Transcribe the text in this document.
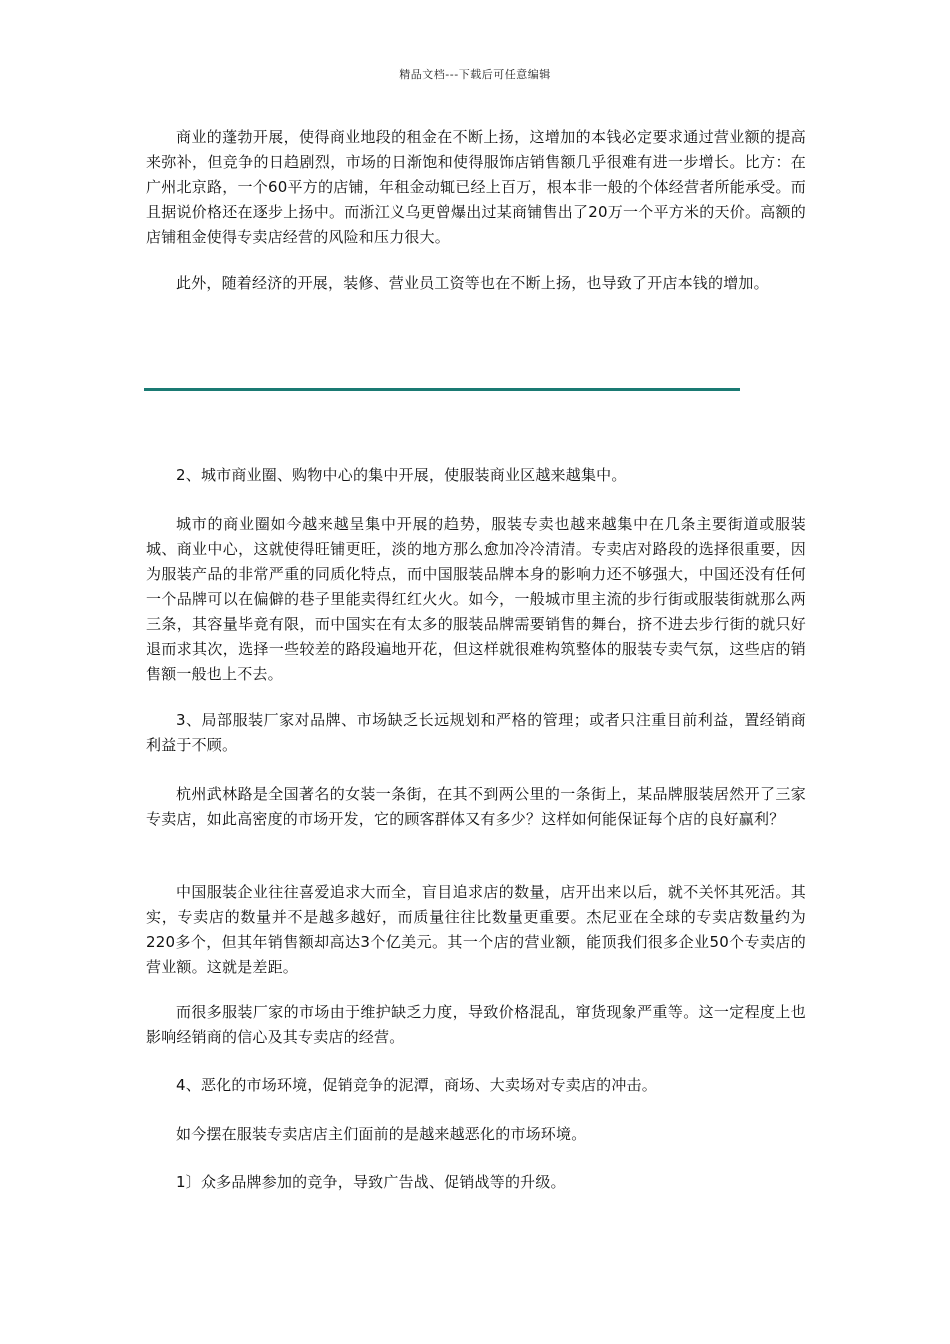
精品文档---下载后可任意编辑

商业的蓬勃开展，使得商业地段的租金在不断上扬，这增加的本钱必定要求通过营业额的提高来弥补，但竞争的日趋剧烈，市场的日渐饱和使得服饰店销售额几乎很难有进一步增长。比方：在广州北京路，一个60平方的店铺，年租金动辄已经上百万，根本非一般的个体经营者所能承受。而且据说价格还在逐步上扬中。而浙江义乌更曾爆出过某商铺售出了20万一个平方米的天价。高额的店铺租金使得专卖店经营的风险和压力很大。

此外，随着经济的开展，装修、营业员工资等也在不断上扬，也导致了开店本钱的增加。

2、城市商业圈、购物中心的集中开展，使服装商业区越来越集中。

城市的商业圈如今越来越呈集中开展的趋势，服装专卖也越来越集中在几条主要街道或服装城、商业中心，这就使得旺铺更旺，淡的地方那么愈加冷冷清清。专卖店对路段的选择很重要，因为服装产品的非常严重的同质化特点，而中国服装品牌本身的影响力还不够强大，中国还没有任何一个品牌可以在偏僻的巷子里能卖得红红火火。如今，一般城市里主流的步行街或服装街就那么两三条，其容量毕竟有限，而中国实在有太多的服装品牌需要销售的舞台，挤不进去步行街的就只好退而求其次，选择一些较差的路段遍地开花，但这样就很难构筑整体的服装专卖气氛，这些店的销售额一般也上不去。

3、局部服装厂家对品牌、市场缺乏长远规划和严格的管理；或者只注重目前利益，置经销商利益于不顾。

杭州武林路是全国著名的女装一条街，在其不到两公里的一条街上，某品牌服装居然开了三家专卖店，如此高密度的市场开发，它的顾客群体又有多少？这样如何能保证每个店的良好赢利？

中国服装企业往往喜爱追求大而全，盲目追求店的数量，店开出来以后，就不关怀其死活。其实，专卖店的数量并不是越多越好，而质量往往比数量更重要。杰尼亚在全球的专卖店数量约为220多个，但其年销售额却高达3个亿美元。其一个店的营业额，能顶我们很多企业50个专卖店的营业额。这就是差距。

而很多服装厂家的市场由于维护缺乏力度，导致价格混乱，窜货现象严重等。这一定程度上也影响经销商的信心及其专卖店的经营。

4、恶化的市场环境，促销竞争的泥潭，商场、大卖场对专卖店的冲击。

如今摆在服装专卖店店主们面前的是越来越恶化的市场环境。

1〕众多品牌参加的竞争，导致广告战、促销战等的升级。
